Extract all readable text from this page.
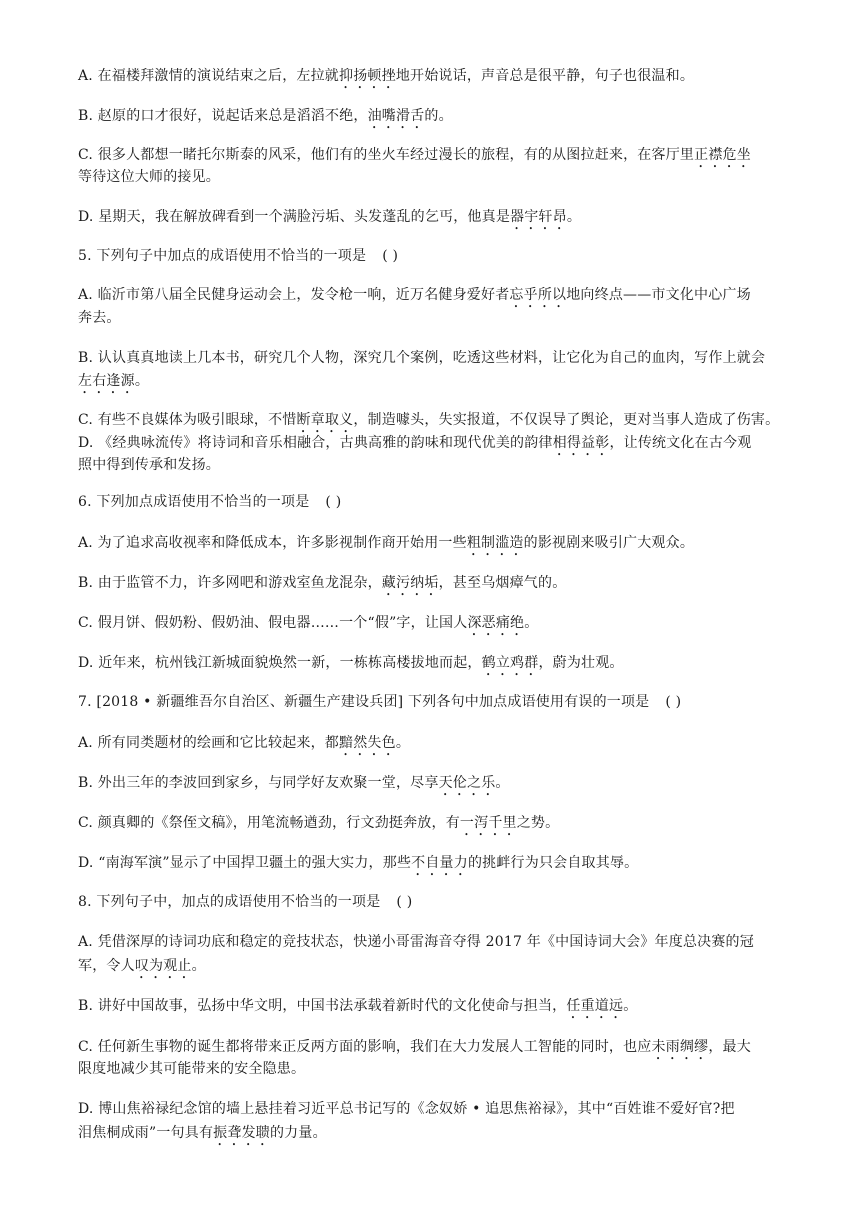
A. 在福楼拜激情的演说结束之后，左拉就抑扬顿挫地开始说话，声音总是很平静，句子也很温和。
B. 赵原的口才很好，说起话来总是滔滔不绝，油嘴滑舌的。
C. 很多人都想一睹托尔斯泰的风采，他们有的坐火车经过漫长的旅程，有的从图拉赶来，在客厅里正襟危坐
等待这位大师的接见。
D. 星期天，我在解放碑看到一个满脸污垢、头发蓬乱的乞丐，他真是器宇轩昂。
5. 下列句子中加点的成语使用不恰当的一项是 ( )
A. 临沂市第八届全民健身运动会上，发令枪一响，近万名健身爱好者忘乎所以地向终点——市文化中心广场
奔去。
B. 认认真真地读上几本书，研究几个人物，深究几个案例，吃透这些材料，让它化为自己的血肉，写作上就会
左右逢源。
C. 有些不良媒体为吸引眼球，不惜断章取义，制造噱头，失实报道，不仅误导了舆论，更对当事人造成了伤害。
D. 《经典咏流传》将诗词和音乐相融合，古典高雅的韵味和现代优美的韵律相得益彰，让传统文化在古今观
照中得到传承和发扬。
6. 下列加点成语使用不恰当的一项是 ( )
A. 为了追求高收视率和降低成本，许多影视制作商开始用一些粗制滥造的影视剧来吸引广大观众。
B. 由于监管不力，许多网吧和游戏室鱼龙混杂，藏污纳垢，甚至乌烟瘴气的。
C. 假月饼、假奶粉、假奶油、假电器……一个“假”字，让国人深恶痛绝。
D. 近年来，杭州钱江新城面貌焕然一新，一栋栋高楼拔地而起，鹤立鸡群，蔚为壮观。
7. [2018 • 新疆维吾尔自治区、新疆生产建设兵团] 下列各句中加点成语使用有误的一项是 ( )
A. 所有同类题材的绘画和它比较起来，都黯然失色。
B. 外出三年的李波回到家乡，与同学好友欢聚一堂，尽享天伦之乐。
C. 颜真卿的《祭侄文稿》，用笔流畅遒劲，行文劲挺奔放，有一泻千里之势。
D. “南海军演”显示了中国捍卫疆土的强大实力，那些不自量力的挑衅行为只会自取其辱。
8. 下列句子中，加点的成语使用不恰当的一项是 ( )
A. 凭借深厚的诗词功底和稳定的竞技状态，快递小哥雷海音夺得 2017 年《中国诗词大会》年度总决赛的冠
军，令人叹为观止。
B. 讲好中国故事，弘扬中华文明，中国书法承载着新时代的文化使命与担当，任重道远。
C. 任何新生事物的诞生都将带来正反两方面的影响，我们在大力发展人工智能的同时，也应未雨绸缪，最大
限度地减少其可能带来的安全隐患。
D. 博山焦裕禄纪念馆的墙上悬挂着习近平总书记写的《念奴娇 • 追思焦裕禄》，其中“百姓谁不爱好官?把
泪焦桐成雨”一句具有振聋发聩的力量。
